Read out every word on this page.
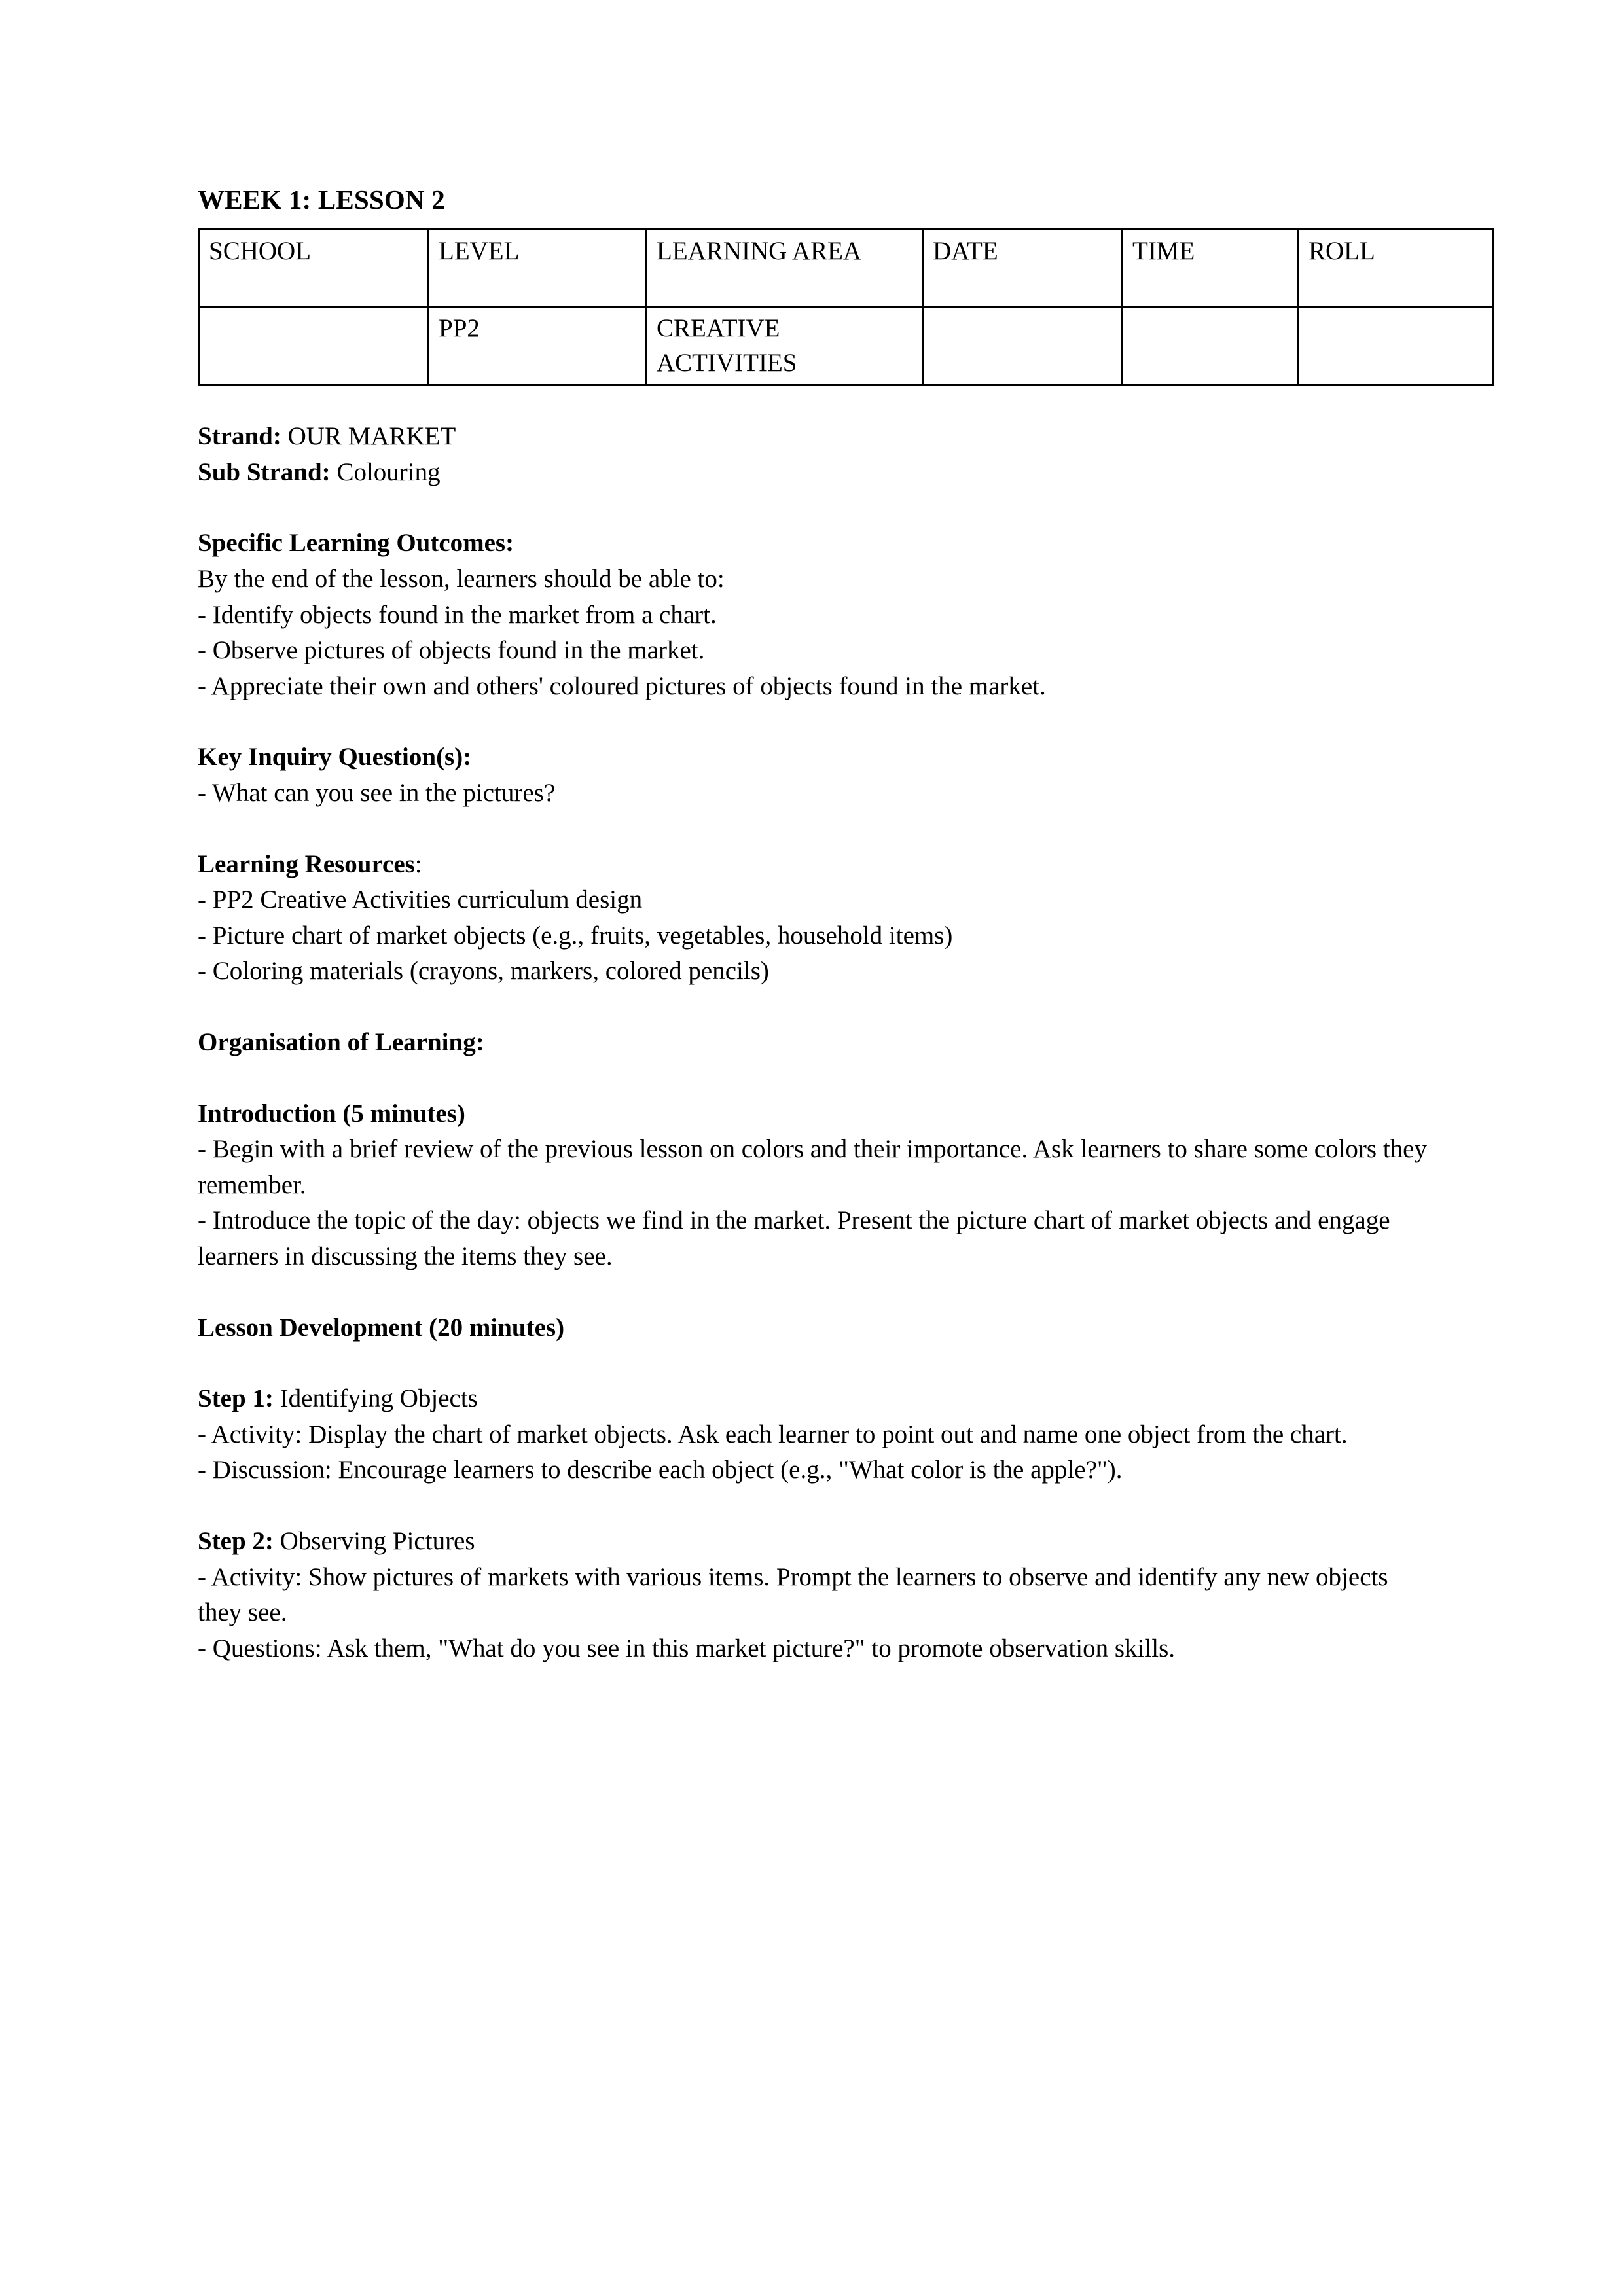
WEEK 1: LESSON 2
SCHOOL	LEVEL	LEARNING AREA	DATE	TIME	ROLL
	PP2	CREATIVE ACTIVITIES			

Strand: OUR MARKET

Sub Strand: Colouring

Specific Learning Outcomes:

By the end of the lesson, learners should be able to:

- Identify objects found in the market from a chart.

- Observe pictures of objects found in the market.

- Appreciate their own and others' coloured pictures of objects found in the market.

Key Inquiry Question(s):

- What can you see in the pictures?

Learning Resources:

- PP2 Creative Activities curriculum design

- Picture chart of market objects (e.g., fruits, vegetables, household items)

- Coloring materials (crayons, markers, colored pencils)

Organisation of Learning:

Introduction (5 minutes)

- Begin with a brief review of the previous lesson on colors and their importance. Ask learners to share some colors they remember.

- Introduce the topic of the day: objects we find in the market. Present the picture chart of market objects and engage learners in discussing the items they see.

Lesson Development (20 minutes)

Step 1: Identifying Objects

- Activity: Display the chart of market objects. Ask each learner to point out and name one object from the chart.

- Discussion: Encourage learners to describe each object (e.g., "What color is the apple?").

Step 2: Observing Pictures

- Activity: Show pictures of markets with various items. Prompt the learners to observe and identify any new objects they see.

- Questions: Ask them, "What do you see in this market picture?" to promote observation skills.
